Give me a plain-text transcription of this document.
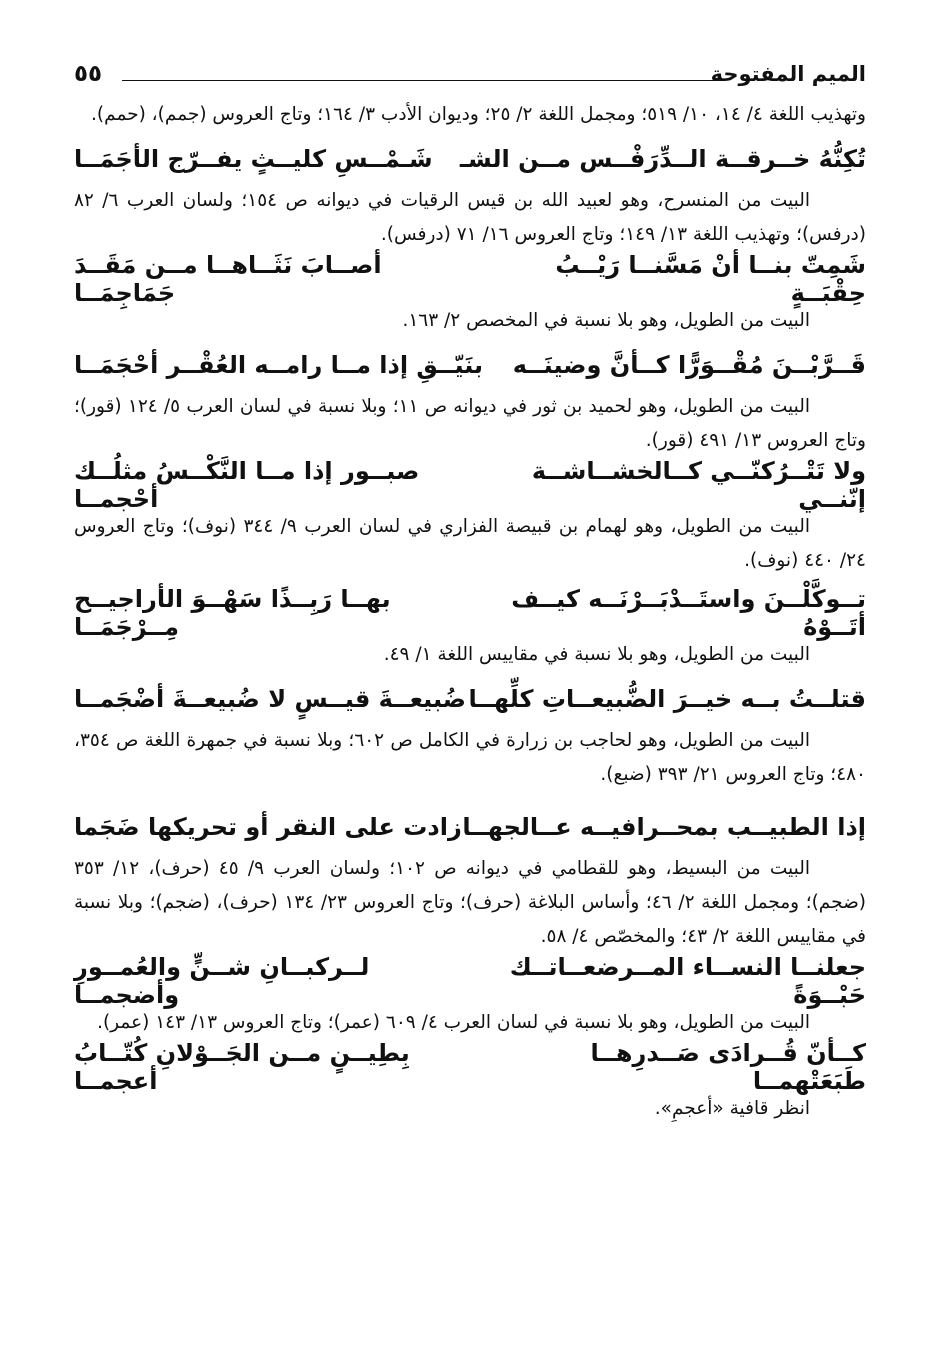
الميم المفتوحة
٥٥

وتهذيب اللغة ٤/ ١٤، ١٠/ ٥١٩؛ ومجمل اللغة ٢/ ٢٥؛ وديوان الأدب ٣/ ١٦٤؛ وتاج العروس (جمم)، (حمم).

تُكِنُّهُ خــرقــة الــدِّرَفْــس مــن الشـ
شَـمْــسِ كليــثٍ يفــرّج الأجَمَــا

البيت من المنسرح، وهو لعبيد الله بن قيس الرقيات في ديوانه ص ١٥٤؛ ولسان العرب ٦/ ٨٢ (درفس)؛ وتهذيب اللغة ١٣/ ١٤٩؛ وتاج العروس ١٦/ ٧١ (درفس).

شَمِتّ بنــا أنْ مَسَّنــا رَيْــبُ حِقْبَــةٍ
أصــابَ نَثَــاهــا مــن مَقَــدَ جَمَاجِمَــا

البيت من الطويل، وهو بلا نسبة في المخصص ٢/ ١٦٣.

قَــرَّبْــنَ مُقْــوَرًّا كــأنَّ وضينَــه
بنَيّــقِ إذا مــا رامــه العُقْــر أحْجَمَــا

البيت من الطويل، وهو لحميد بن ثور في ديوانه ص ١١؛ وبلا نسبة في لسان العرب ٥/ ١٢٤ (قور)؛ وتاج العروس ١٣/ ٤٩١ (قور).

ولا تَتْــرُكنّــي كــالخشــاشــة إنّنــي
صبــور إذا مــا النَّكْــسُ مثلُــك أحْجمــا

البيت من الطويل، وهو لهمام بن قبيصة الفزاري في لسان العرب ٩/ ٣٤٤ (نوف)؛ وتاج العروس ٢٤/ ٤٤٠ (نوف).

تــوكَّلْــنَ واستَــدْبَــرْنَــه كيــف أتَــوْهُ
بهــا رَبِــذًا سَهْــوَ الأراجيــح مِــرْجَمَــا

البيت من الطويل، وهو بلا نسبة في مقاييس اللغة ١/ ٤٩.

قتلــتُ بــه خيــرَ الضُّبيعــاتِ كلِّهــا
ضُبيعــةَ قيــسٍ لا ضُبيعــةَ أضْجَمــا

البيت من الطويل، وهو لحاجب بن زرارة في الكامل ص ٦٠٢؛ وبلا نسبة في جمهرة اللغة ص ٣٥٤، ٤٨٠؛ وتاج العروس ٢١/ ٣٩٣ (ضبع).

إذا الطبيــب بمحــرافيــه عــالجهــا
زادت على النقر أو تحريكها ضَجَما

البيت من البسيط، وهو للقطامي في ديوانه ص ١٠٢؛ ولسان العرب ٩/ ٤٥ (حرف)، ١٢/ ٣٥٣ (ضجم)؛ ومجمل اللغة ٢/ ٤٦؛ وأساس البلاغة (حرف)؛ وتاج العروس ٢٣/ ١٣٤ (حرف)، (ضجم)؛ وبلا نسبة في مقاييس اللغة ٢/ ٤٣؛ والمخصّص ٤/ ٥٨.

جعلنــا النســاء المــرضعــاتــك حَبْــوَةً
لــركبــانِ شــنٍّ والعُمــورِ وأضجمــا

البيت من الطويل، وهو بلا نسبة في لسان العرب ٤/ ٦٠٩ (عمر)؛ وتاج العروس ١٣/ ١٤٣ (عمر).

كــأنّ قُــرادَى صَــدرِهــا طَبَعَتْهمــا
بِطِيــنٍ مــن الجَــوْلانِ كُتّــابُ أعجمــا

انظر قافية «أعجمِ».
